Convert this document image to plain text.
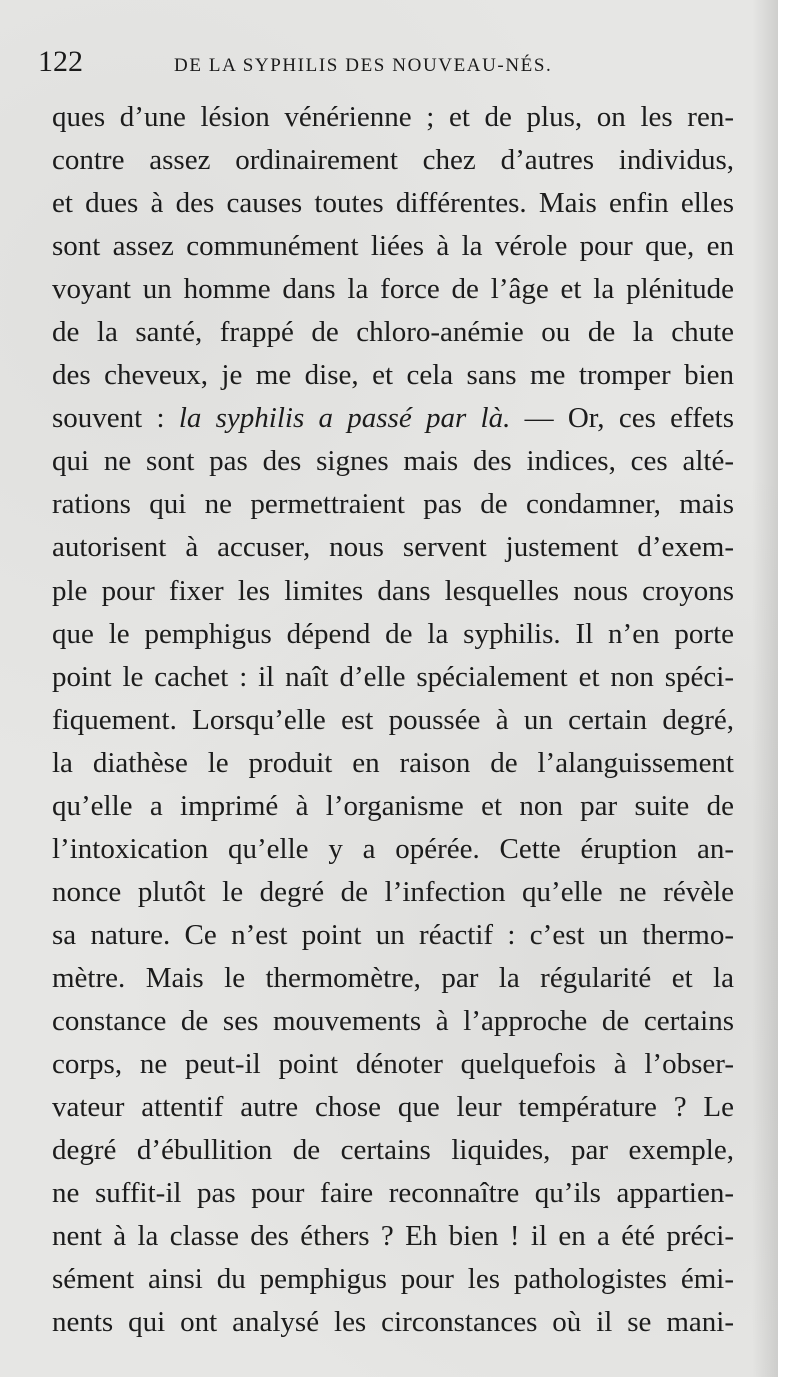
122	DE LA SYPHILIS DES NOUVEAU-NÉS.
ques d’une lésion vénérienne ; et de plus, on les ren-
contre assez ordinairement chez d’autres individus,
et dues à des causes toutes différentes. Mais enfin elles
sont assez communément liées à la vérole pour que, en
voyant un homme dans la force de l’âge et la plénitude
de la santé, frappé de chloro-anémie ou de la chute
des cheveux, je me dise, et cela sans me tromper bien
souvent : la syphilis a passé par là. — Or, ces effets
qui ne sont pas des signes mais des indices, ces alté-
rations qui ne permettraient pas de condamner, mais
autorisent à accuser, nous servent justement d’exem-
ple pour fixer les limites dans lesquelles nous croyons
que le pemphigus dépend de la syphilis. Il n’en porte
point le cachet : il naît d’elle spécialement et non spéci-
fiquement. Lorsqu’elle est poussée à un certain degré,
la diathèse le produit en raison de l’alanguissement
qu’elle a imprimé à l’organisme et non par suite de
l’intoxication qu’elle y a opérée. Cette éruption an-
nonce plutôt le degré de l’infection qu’elle ne révèle
sa nature. Ce n’est point un réactif : c’est un thermo-
mètre. Mais le thermomètre, par la régularité et la
constance de ses mouvements à l’approche de certains
corps, ne peut-il point dénoter quelquefois à l’obser-
vateur attentif autre chose que leur température ? Le
degré d’ébullition de certains liquides, par exemple,
ne suffit-il pas pour faire reconnaître qu’ils appartien-
nent à la classe des éthers ? Eh bien ! il en a été préci-
sément ainsi du pemphigus pour les pathologistes émi-
nents qui ont analysé les circonstances où il se mani-
